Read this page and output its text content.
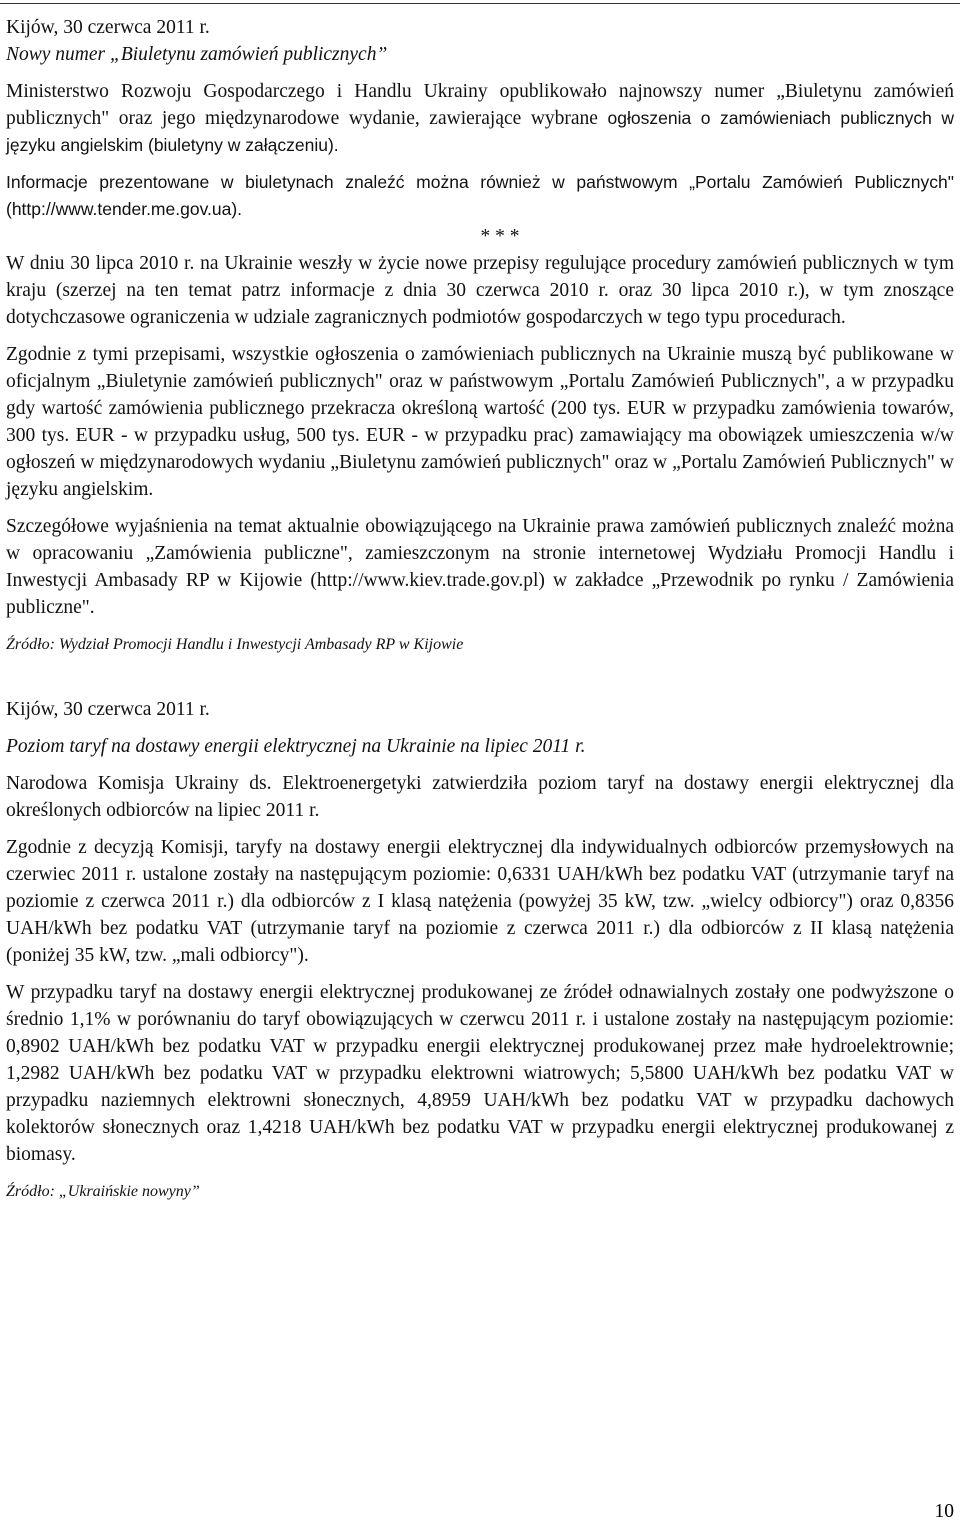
Kijów, 30 czerwca 2011 r.

Nowy numer „Biuletynu zamówień publicznych”

Ministerstwo Rozwoju Gospodarczego i Handlu Ukrainy opublikowało najnowszy numer „Biuletynu zamówień publicznych" oraz jego międzynarodowe wydanie, zawierające wybrane ogłoszenia o zamówieniach publicznych w języku angielskim (biuletyny w załączeniu).

Informacje prezentowane w biuletynach znaleźć można również w państwowym „Portalu Zamówień Publicznych" (http://www.tender.me.gov.ua).

* * *

W dniu 30 lipca 2010 r. na Ukrainie weszły w życie nowe przepisy regulujące procedury zamówień publicznych w tym kraju (szerzej na ten temat patrz informacje z dnia 30 czerwca 2010 r. oraz 30 lipca 2010 r.), w tym znoszące dotychczasowe ograniczenia w udziale zagranicznych podmiotów gospodarczych w tego typu procedurach.

Zgodnie z tymi przepisami, wszystkie ogłoszenia o zamówieniach publicznych na Ukrainie muszą być publikowane w oficjalnym „Biuletynie zamówień publicznych" oraz w państwowym „Portalu Zamówień Publicznych", a w przypadku gdy wartość zamówienia publicznego przekracza określoną wartość (200 tys. EUR w przypadku zamówienia towarów, 300 tys. EUR - w przypadku usług, 500 tys. EUR - w przypadku prac) zamawiający ma obowiązek umieszczenia w/w ogłoszeń w międzynarodowych wydaniu „Biuletynu zamówień publicznych" oraz w „Portalu Zamówień Publicznych" w języku angielskim.

Szczegółowe wyjaśnienia na temat aktualnie obowiązującego na Ukrainie prawa zamówień publicznych znaleźć można w opracowaniu „Zamówienia publiczne", zamieszczonym na stronie internetowej Wydziału Promocji Handlu i Inwestycji Ambasady RP w Kijowie (http://www.kiev.trade.gov.pl) w zakładce „Przewodnik po rynku / Zamówienia publiczne".

Źródło: Wydział Promocji Handlu i Inwestycji Ambasady RP w Kijowie

Kijów, 30 czerwca 2011 r.

Poziom taryf na dostawy energii elektrycznej na Ukrainie na lipiec 2011 r.

Narodowa Komisja Ukrainy ds. Elektroenergetyki zatwierdziła poziom taryf na dostawy energii elektrycznej dla określonych odbiorców na lipiec 2011 r.

Zgodnie z decyzją Komisji, taryfy na dostawy energii elektrycznej dla indywidualnych odbiorców przemysłowych na czerwiec 2011 r. ustalone zostały na następującym poziomie: 0,6331 UAH/kWh bez podatku VAT (utrzymanie taryf na poziomie z czerwca 2011 r.) dla odbiorców z I klasą natężenia (powyżej 35 kW, tzw. „wielcy odbiorcy") oraz 0,8356 UAH/kWh bez podatku VAT (utrzymanie taryf na poziomie z czerwca 2011 r.) dla odbiorców z II klasą natężenia (poniżej 35 kW, tzw. „mali odbiorcy").

W przypadku taryf na dostawy energii elektrycznej produkowanej ze źródeł odnawialnych zostały one podwyższone o średnio 1,1% w porównaniu do taryf obowiązujących w czerwcu 2011 r. i ustalone zostały na następującym poziomie: 0,8902 UAH/kWh bez podatku VAT w przypadku energii elektrycznej produkowanej przez małe hydroelektrownie; 1,2982 UAH/kWh bez podatku VAT w przypadku elektrowni wiatrowych; 5,5800 UAH/kWh bez podatku VAT w przypadku naziemnych elektrowni słonecznych, 4,8959 UAH/kWh bez podatku VAT w przypadku dachowych kolektorów słonecznych oraz 1,4218 UAH/kWh bez podatku VAT w przypadku energii elektrycznej produkowanej z biomasy.

Źródło: „Ukraińskie nowyny”

10
